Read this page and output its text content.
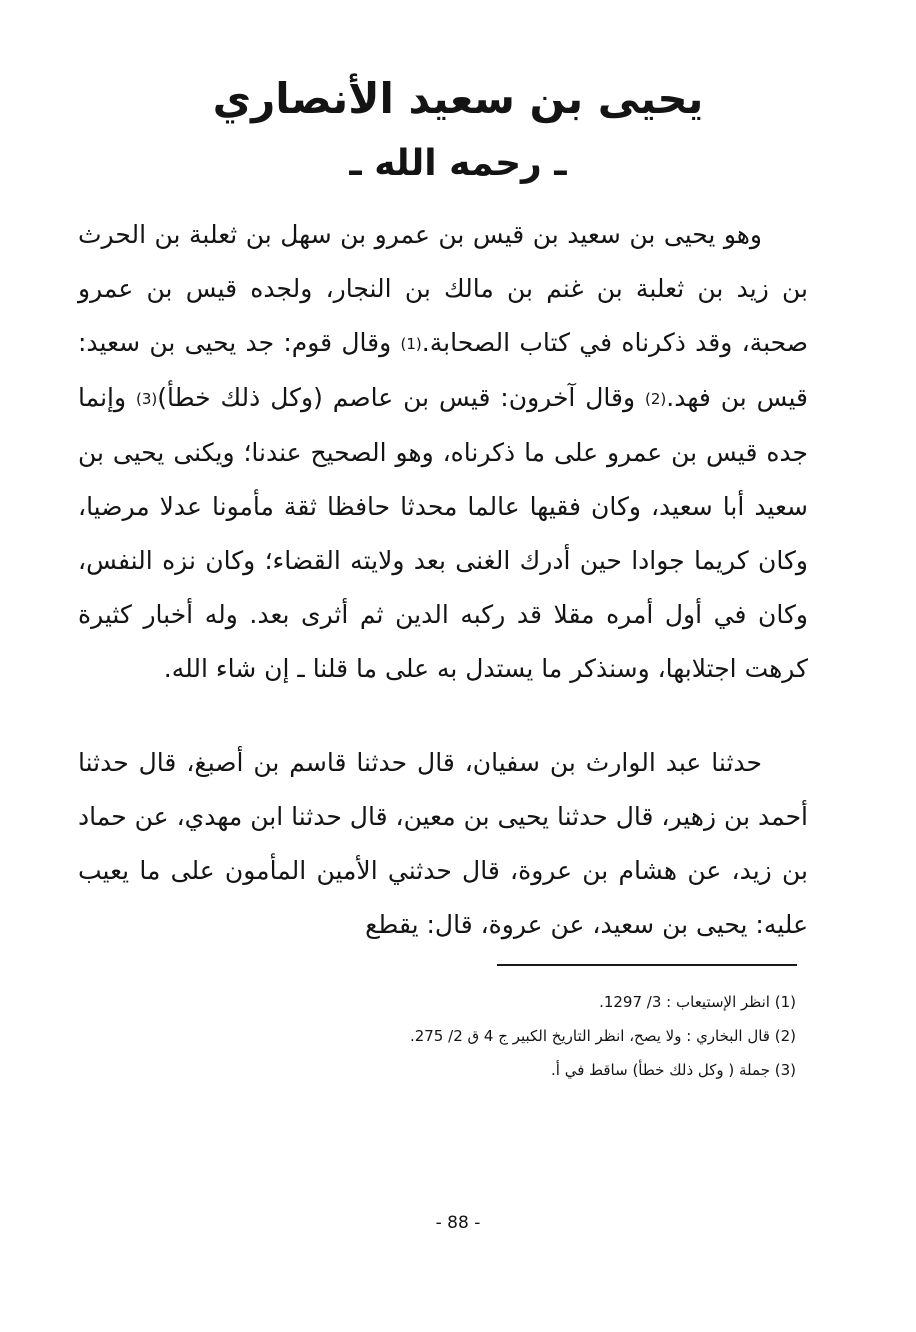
يحيى بن سعيد الأنصاري
ـ رحمه الله ـ
وهو يحيى بن سعيد بن قيس بن عمرو بن سهل بن ثعلبة بن الحرث بن زيد بن ثعلبة بن غنم بن مالك بن النجار، ولجده قيس بن عمرو صحبة، وقد ذكرناه في كتاب الصحابة.(1) وقال قوم: جد يحيى بن سعيد: قيس بن فهد.(2) وقال آخرون: قيس بن عاصم (وكل ذلك خطأ)(3) وإنما جده قيس بن عمرو على ما ذكرناه، وهو الصحيح عندنا؛ ويكنى يحيى بن سعيد أبا سعيد، وكان فقيها عالما محدثا حافظا ثقة مأمونا عدلا مرضيا، وكان كريما جوادا حين أدرك الغنى بعد ولايته القضاء؛ وكان نزه النفس، وكان في أول أمره مقلا قد ركبه الدين ثم أثرى بعد. وله أخبار كثيرة كرهت اجتلابها، وسنذكر ما يستدل به على ما قلنا ـ إن شاء الله.
حدثنا عبد الوارث بن سفيان، قال حدثنا قاسم بن أصبغ، قال حدثنا أحمد بن زهير، قال حدثنا يحيى بن معين، قال حدثنا ابن مهدي، عن حماد بن زيد، عن هشام بن عروة، قال حدثني الأمين المأمون على ما يعيب عليه: يحيى بن سعيد، عن عروة، قال: يقطع
(1) انظر الإستيعاب : 3/ 1297.
(2) قال البخاري : ولا يصح، انظر التاريخ الكبير ج 4 ق 2/ 275.
(3) جملة ( وكل ذلك خطأ) ساقط في أ.
- 88 -
